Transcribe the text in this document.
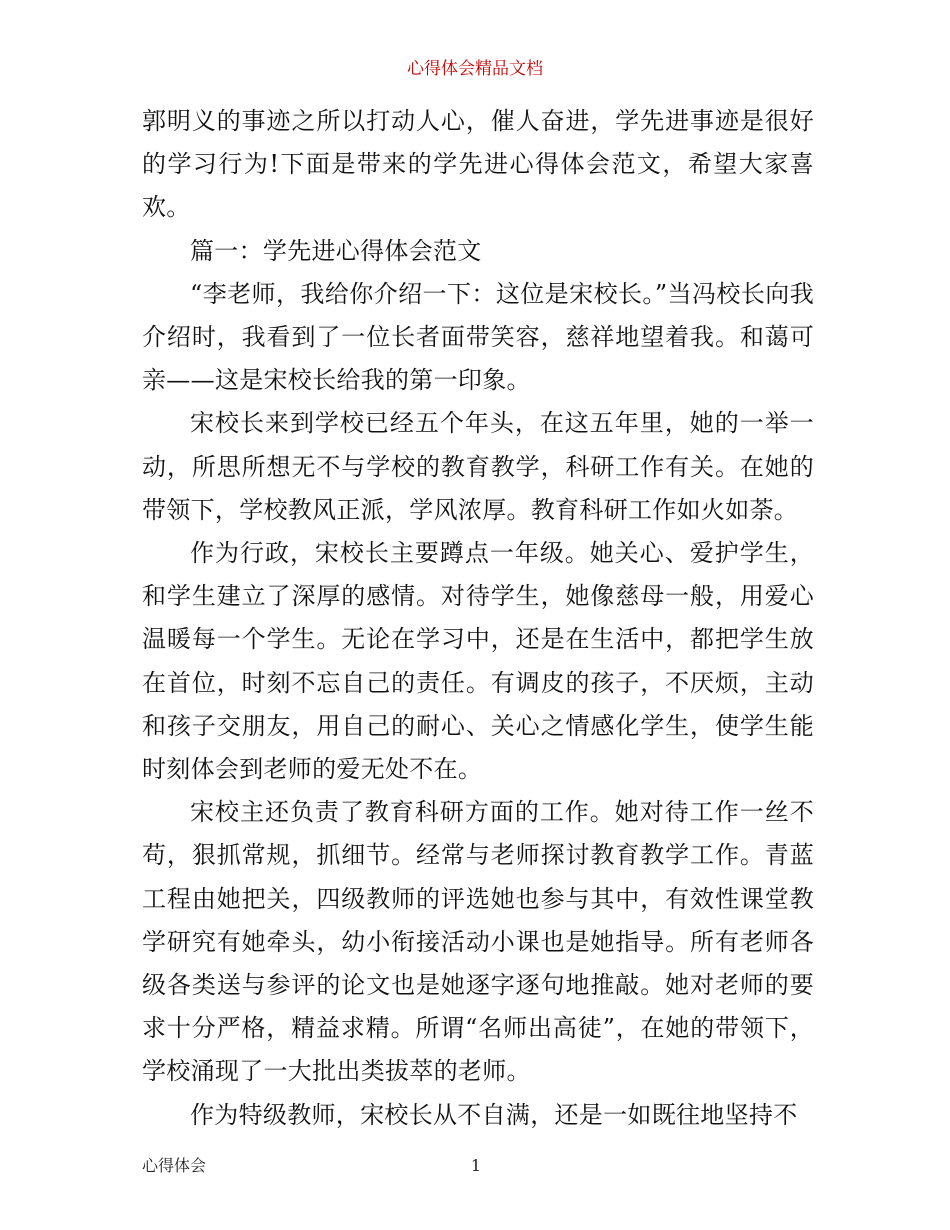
心得体会精品文档

郭明义的事迹之所以打动人心，催人奋进，学先进事迹是很好的学习行为!下面是带来的学先进心得体会范文，希望大家喜欢。

篇一：学先进心得体会范文

“李老师，我给你介绍一下：这位是宋校长。”当冯校长向我介绍时，我看到了一位长者面带笑容，慈祥地望着我。和蔼可亲——这是宋校长给我的第一印象。

宋校长来到学校已经五个年头，在这五年里，她的一举一动，所思所想无不与学校的教育教学，科研工作有关。在她的带领下，学校教风正派，学风浓厚。教育科研工作如火如荼。

作为行政，宋校长主要蹲点一年级。她关心、爱护学生，和学生建立了深厚的感情。对待学生，她像慈母一般，用爱心温暖每一个学生。无论在学习中，还是在生活中，都把学生放在首位，时刻不忘自己的责任。有调皮的孩子，不厌烦，主动和孩子交朋友，用自己的耐心、关心之情感化学生，使学生能时刻体会到老师的爱无处不在。

宋校主还负责了教育科研方面的工作。她对待工作一丝不苟，狠抓常规，抓细节。经常与老师探讨教育教学工作。青蓝工程由她把关，四级教师的评选她也参与其中，有效性课堂教学研究有她牵头，幼小衔接活动小课也是她指导。所有老师各级各类送与参评的论文也是她逐字逐句地推敲。她对老师的要求十分严格，精益求精。所谓“名师出高徒”，在她的带领下，学校涌现了一大批出类拔萃的老师。

作为特级教师，宋校长从不自满，还是一如既往地坚持不

心得体会	1
